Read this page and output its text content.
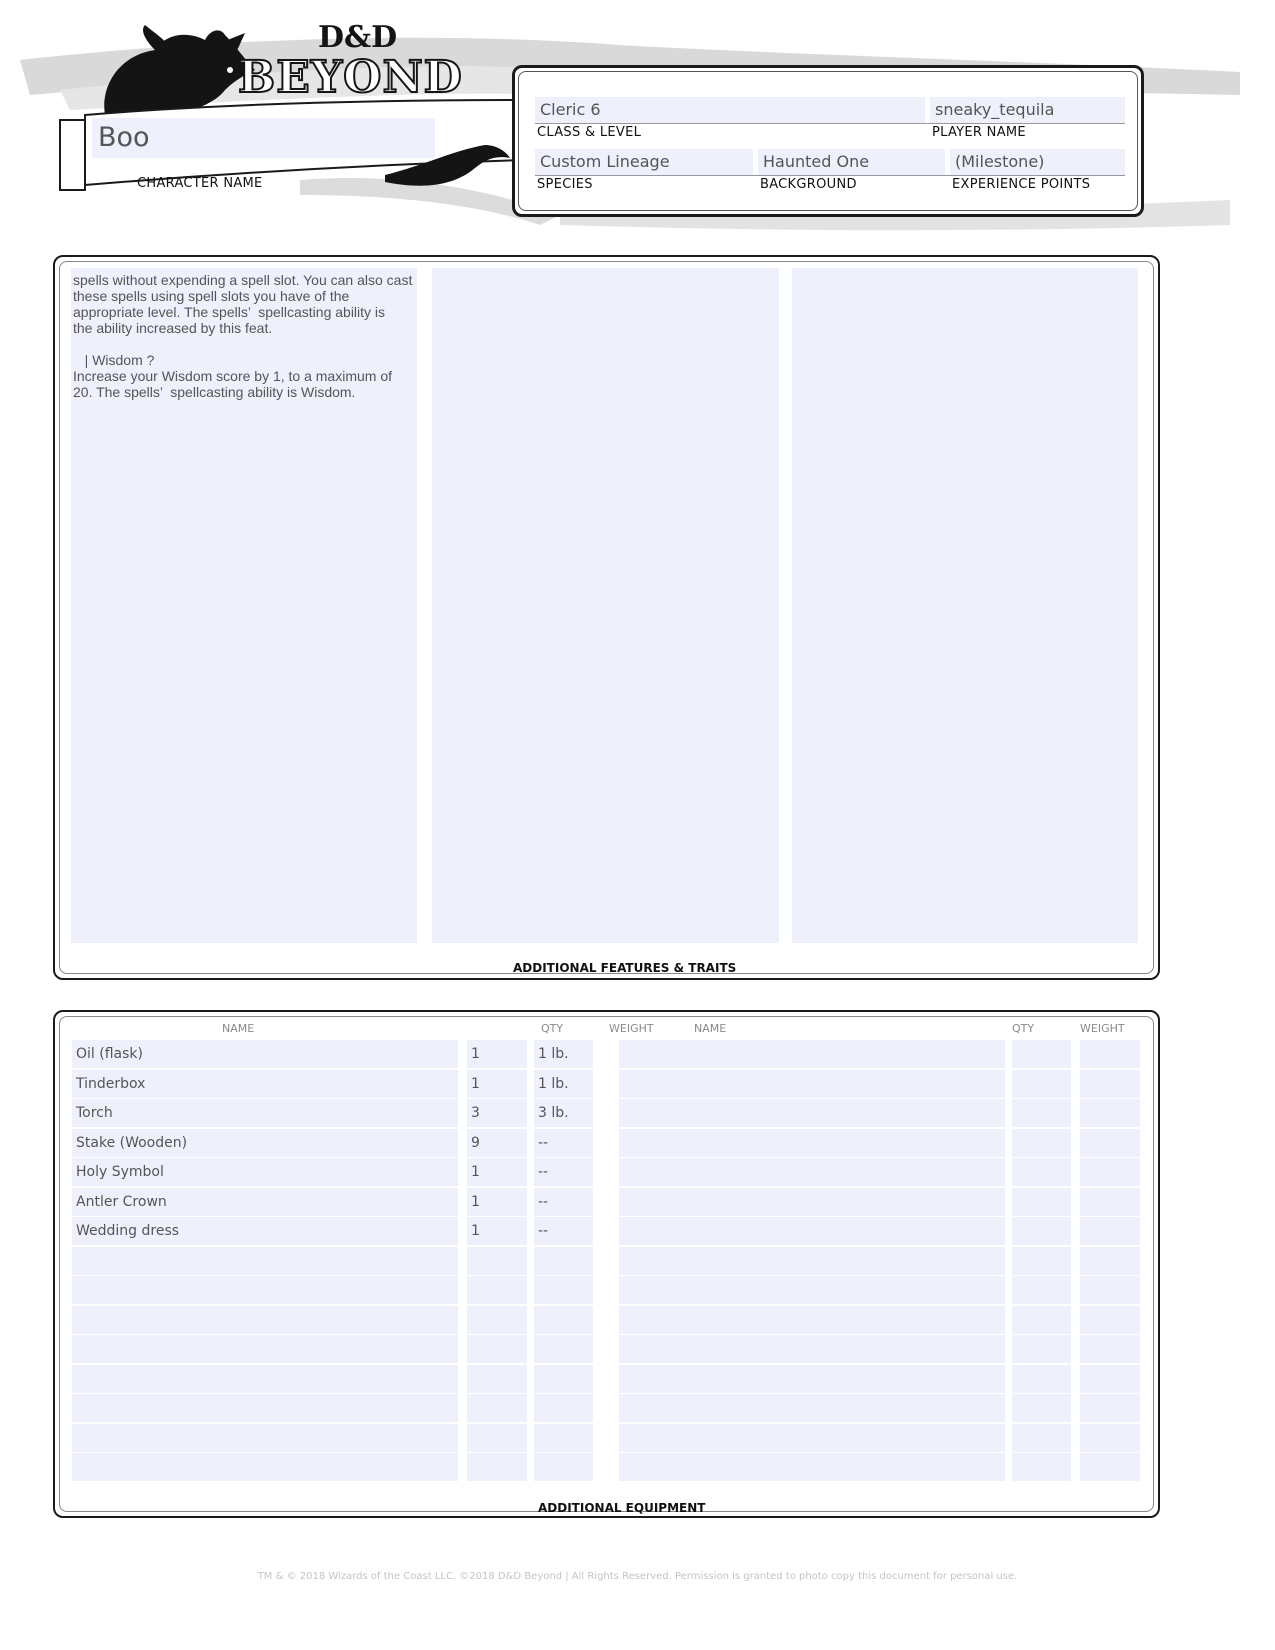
D&D
BEYOND
Boo
CHARACTER NAME
Cleric 6
CLASS & LEVEL
sneaky_tequila
PLAYER NAME
Custom Lineage
SPECIES
Haunted One
BACKGROUND
(Milestone)
EXPERIENCE POINTS
spells without expending a spell slot. You can also cast
these spells using spell slots you have of the
appropriate level. The spells’  spellcasting ability is
the ability increased by this feat.

| Wisdom ?
Increase your Wisdom score by 1, to a maximum of
20. The spells’  spellcasting ability is Wisdom.
ADDITIONAL FEATURES & TRAITS
NAME	QTY	WEIGHT	NAME	QTY	WEIGHT
Oil (flask)	1	1 lb.
Tinderbox	1	1 lb.
Torch	3	3 lb.
Stake (Wooden)	9	--
Holy Symbol	1	--
Antler Crown	1	--
Wedding dress	1	--
ADDITIONAL EQUIPMENT
TM & © 2018 Wizards of the Coast LLC. ©2018 D&D Beyond | All Rights Reserved. Permission is granted to photo copy this document for personal use.
